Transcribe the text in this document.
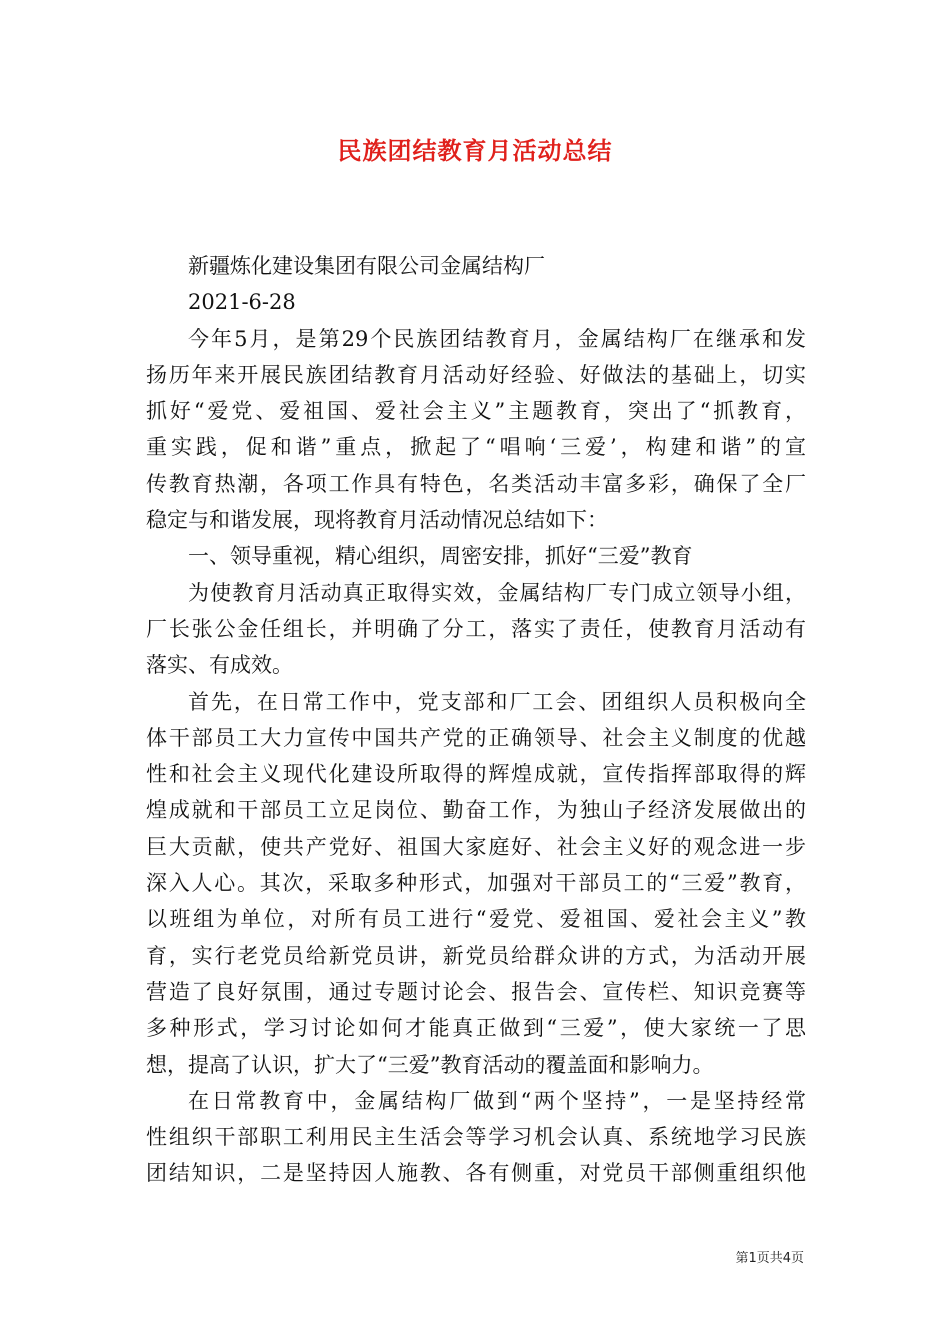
民族团结教育月活动总结
新疆炼化建设集团有限公司金属结构厂
2021-6-28
今年5月，是第29个民族团结教育月，金属结构厂在继承和发
扬历年来开展民族团结教育月活动好经验、好做法的基础上，切实
抓好“爱党、爱祖国、爱社会主义”主题教育，突出了“抓教育，
重实践，促和谐”重点，掀起了“唱响‘三爱’，构建和谐”的宣
传教育热潮，各项工作具有特色，名类活动丰富多彩，确保了全厂
稳定与和谐发展，现将教育月活动情况总结如下：
一、领导重视，精心组织，周密安排，抓好“三爱”教育
为使教育月活动真正取得实效，金属结构厂专门成立领导小组，
厂长张公金任组长，并明确了分工，落实了责任，使教育月活动有
落实、有成效。
首先，在日常工作中，党支部和厂工会、团组织人员积极向全
体干部员工大力宣传中国共产党的正确领导、社会主义制度的优越
性和社会主义现代化建设所取得的辉煌成就，宣传指挥部取得的辉
煌成就和干部员工立足岗位、勤奋工作，为独山子经济发展做出的
巨大贡献，使共产党好、祖国大家庭好、社会主义好的观念进一步
深入人心。其次，采取多种形式，加强对干部员工的“三爱”教育，
以班组为单位，对所有员工进行“爱党、爱祖国、爱社会主义”教
育，实行老党员给新党员讲，新党员给群众讲的方式，为活动开展
营造了良好氛围，通过专题讨论会、报告会、宣传栏、知识竞赛等
多种形式，学习讨论如何才能真正做到“三爱”，使大家统一了思
想，提高了认识，扩大了“三爱”教育活动的覆盖面和影响力。
在日常教育中，金属结构厂做到“两个坚持”，一是坚持经常
性组织干部职工利用民主生活会等学习机会认真、系统地学习民族
团结知识，二是坚持因人施教、各有侧重，对党员干部侧重组织他
第1页共4页
